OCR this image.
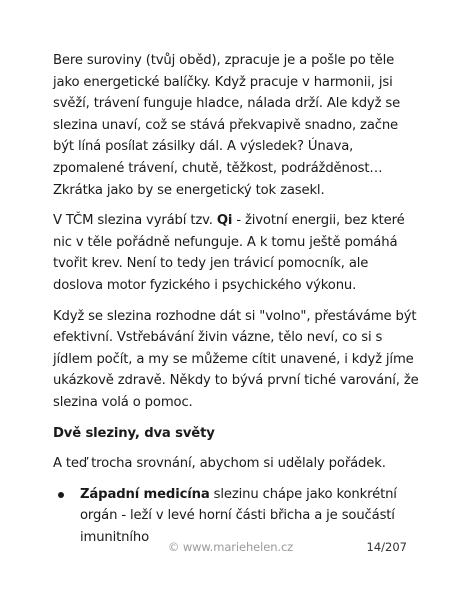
Bere suroviny (tvůj oběd), zpracuje je a pošle po těle jako energetické balíčky. Když pracuje v harmonii, jsi svěží, trávení funguje hladce, nálada drží. Ale když se slezina unaví, což se stává překvapivě snadno, začne být líná posílat zásilky dál. A výsledek? Únava, zpomalené trávení, chutě, těžkost, podrážděnost… Zkrátka jako by se energetický tok zasekl.

V TČM slezina vyrábí tzv. Qi - životní energii, bez které nic v těle pořádně nefunguje. A k tomu ještě pomáhá tvořit krev. Není to tedy jen trávicí pomocník, ale doslova motor fyzického i psychického výkonu.

Když se slezina rozhodne dát si "volno", přestáváme být efektivní. Vstřebávání živin vázne, tělo neví, co si s jídlem počít, a my se můžeme cítit unavené, i když jíme ukázkově zdravě. Někdy to bývá první tiché varování, že slezina volá o pomoc.

Dvě sleziny, dva světy

A teď trocha srovnání, abychom si udělaly pořádek.

Západní medicína slezinu chápe jako konkrétní orgán - leží v levé horní části břicha a je součástí imunitního
© www.mariehelen.cz	14/207
